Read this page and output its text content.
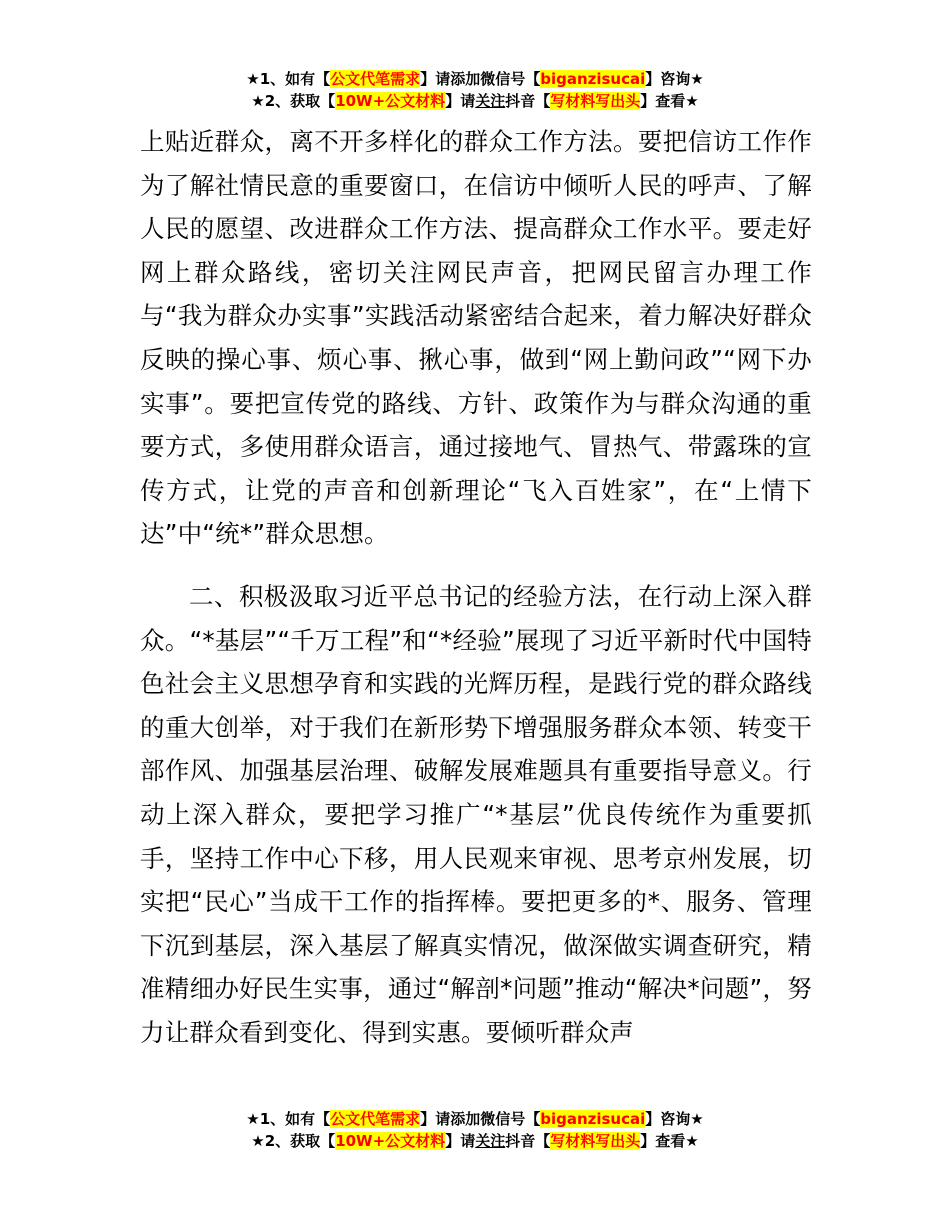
★1、如有【公文代笔需求】请添加微信号【biganzisucai】咨询★
★2、获取【10W+公文材料】请关注抖音【写材料写出头】查看★

上贴近群众，离不开多样化的群众工作方法。要把信访工作作为了解社情民意的重要窗口，在信访中倾听人民的呼声、了解人民的愿望、改进群众工作方法、提高群众工作水平。要走好网上群众路线，密切关注网民声音，把网民留言办理工作与“我为群众办实事”实践活动紧密结合起来，着力解决好群众反映的操心事、烦心事、揪心事，做到“网上勤问政”“网下办实事”。要把宣传党的路线、方针、政策作为与群众沟通的重要方式，多使用群众语言，通过接地气、冒热气、带露珠的宣传方式，让党的声音和创新理论“飞入百姓家”，在“上情下达”中“统*”群众思想。

二、积极汲取习近平总书记的经验方法，在行动上深入群众。“*基层”“千万工程”和“*经验”展现了习近平新时代中国特色社会主义思想孕育和实践的光辉历程，是践行党的群众路线的重大创举，对于我们在新形势下增强服务群众本领、转变干部作风、加强基层治理、破解发展难题具有重要指导意义。行动上深入群众，要把学习推广“*基层”优良传统作为重要抓手，坚持工作中心下移，用人民观来审视、思考京州发展，切实把“民心”当成干工作的指挥棒。要把更多的*、服务、管理下沉到基层，深入基层了解真实情况，做深做实调查研究，精准精细办好民生实事，通过“解剖*问题”推动“解决*问题”，努力让群众看到变化、得到实惠。要倾听群众声

★1、如有【公文代笔需求】请添加微信号【biganzisucai】咨询★
★2、获取【10W+公文材料】请关注抖音【写材料写出头】查看★
